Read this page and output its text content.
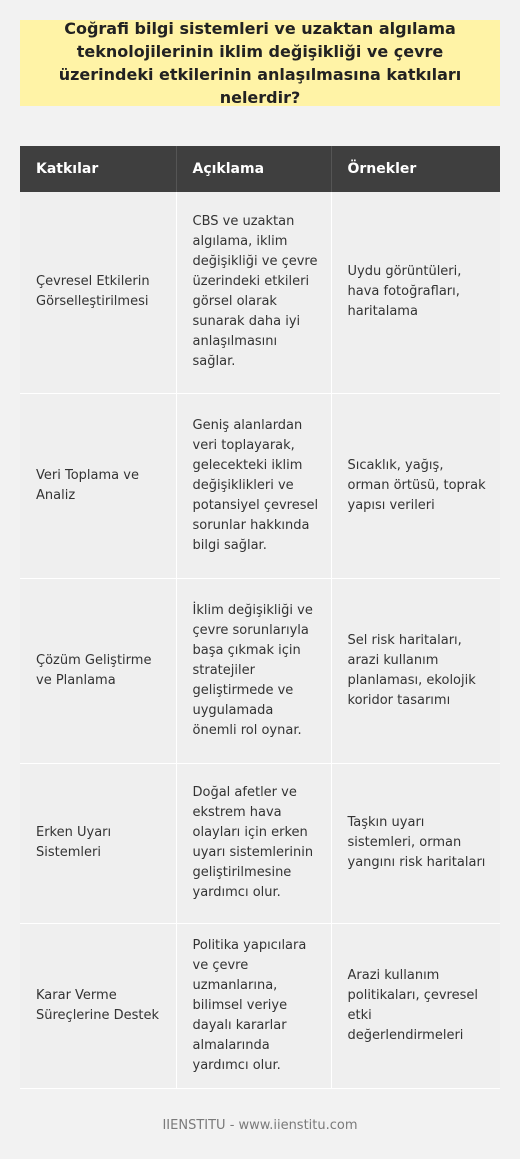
Coğrafi bilgi sistemleri ve uzaktan algılama teknolojilerinin iklim değişikliği ve çevre üzerindeki etkilerinin anlaşılmasına katkıları nelerdir?
Katkılar	Açıklama	Örnekler
Çevresel Etkilerin Görselleştirilmesi	CBS ve uzaktan algılama, iklim değişikliği ve çevre üzerindeki etkileri görsel olarak sunarak daha iyi anlaşılmasını sağlar.	Uydu görüntüleri, hava fotoğrafları, haritalama
Veri Toplama ve Analiz	Geniş alanlardan veri toplayarak, gelecekteki iklim değişiklikleri ve potansiyel çevresel sorunlar hakkında bilgi sağlar.	Sıcaklık, yağış, orman örtüsü, toprak yapısı verileri
Çözüm Geliştirme ve Planlama	İklim değişikliği ve çevre sorunlarıyla başa çıkmak için stratejiler geliştirmede ve uygulamada önemli rol oynar.	Sel risk haritaları, arazi kullanım planlaması, ekolojik koridor tasarımı
Erken Uyarı Sistemleri	Doğal afetler ve ekstrem hava olayları için erken uyarı sistemlerinin geliştirilmesine yardımcı olur.	Taşkın uyarı sistemleri, orman yangını risk haritaları
Karar Verme Süreçlerine Destek	Politika yapıcılara ve çevre uzmanlarına, bilimsel veriye dayalı kararlar almalarında yardımcı olur.	Arazi kullanım politikaları, çevresel etki değerlendirmeleri
IIENSTITU - www.iienstitu.com
